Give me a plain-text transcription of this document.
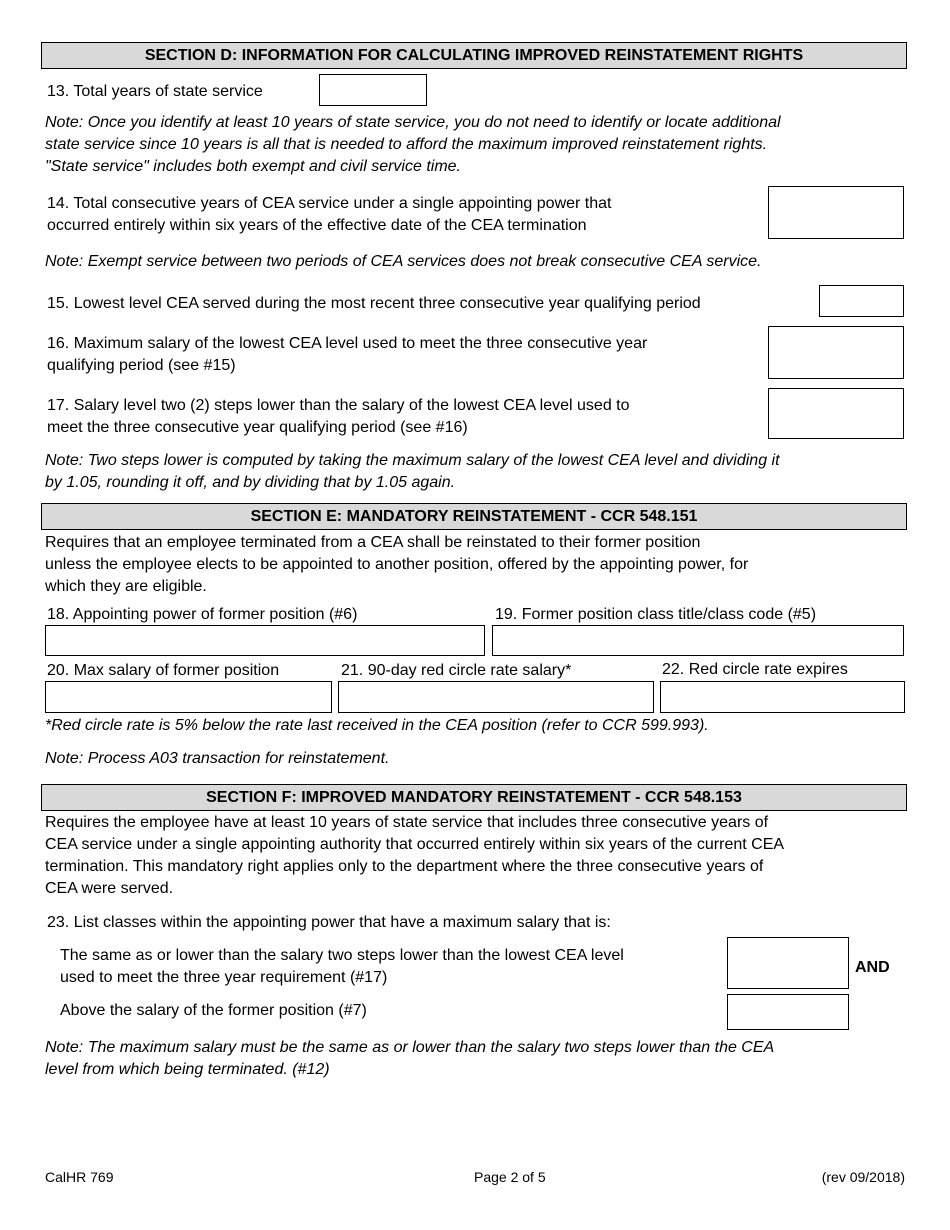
SECTION D: INFORMATION FOR CALCULATING IMPROVED REINSTATEMENT RIGHTS
13. Total years of state service
Note: Once you identify at least 10 years of state service, you do not need to identify or locate additional
state service since 10 years is all that is needed to afford the maximum improved reinstatement rights.
"State service" includes both exempt and civil service time.
14. Total consecutive years of CEA service under a single appointing power that
occurred entirely within six years of the effective date of the CEA termination
Note: Exempt service between two periods of CEA services does not break consecutive CEA service.
15. Lowest level CEA served during the most recent three consecutive year qualifying period
16. Maximum salary of the lowest CEA level used to meet the three consecutive year
qualifying period (see #15)
17. Salary level two (2) steps lower than the salary of the lowest CEA level used to
meet the three consecutive year qualifying period (see #16)
Note: Two steps lower is computed by taking the maximum salary of the lowest CEA level and dividing it
by 1.05, rounding it off, and by dividing that by 1.05 again.
SECTION E: MANDATORY REINSTATEMENT - CCR 548.151
Requires that an employee terminated from a CEA shall be reinstated to their former position
unless the employee elects to be appointed to another position, offered by the appointing power, for
which they are eligible.
18. Appointing power of former position (#6)	19. Former position class title/class code (#5)
20. Max salary of former position	21. 90-day red circle rate salary*	22. Red circle rate expires
*Red circle rate is 5% below the rate last received in the CEA position (refer to CCR 599.993).
Note: Process A03 transaction for reinstatement.
SECTION F: IMPROVED MANDATORY REINSTATEMENT - CCR 548.153
Requires the employee have at least 10 years of state service that includes three consecutive years of
CEA service under a single appointing authority that occurred entirely within six years of the current CEA
termination. This mandatory right applies only to the department where the three consecutive years of
CEA were served.
23. List classes within the appointing power that have a maximum salary that is:
The same as or lower than the salary two steps lower than the lowest CEA level
used to meet the three year requirement (#17)
AND
Above the salary of the former position (#7)
Note: The maximum salary must be the same as or lower than the salary two steps lower than the CEA
level from which being terminated. (#12)
CalHR 769	Page 2 of 5	(rev 09/2018)
